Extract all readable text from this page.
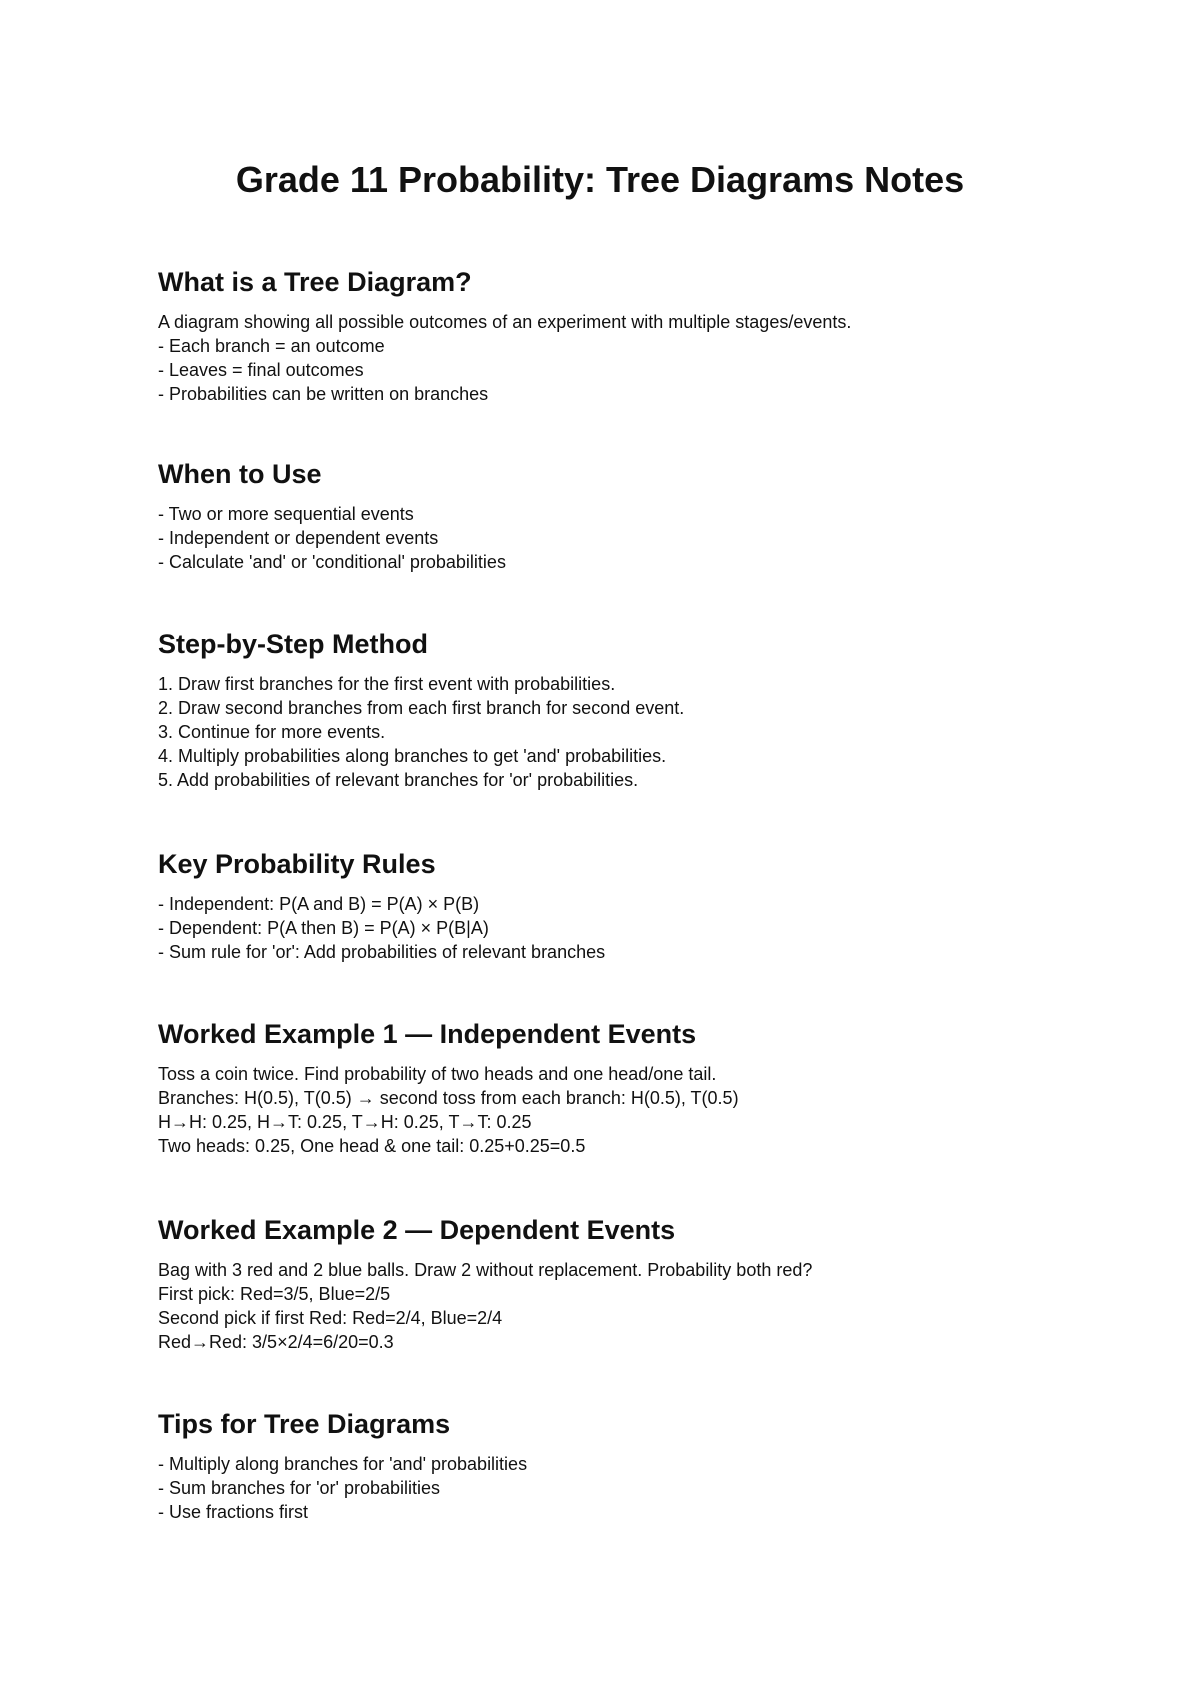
Grade 11 Probability: Tree Diagrams Notes
What is a Tree Diagram?
A diagram showing all possible outcomes of an experiment with multiple stages/events.
- Each branch = an outcome
- Leaves = final outcomes
- Probabilities can be written on branches
When to Use
- Two or more sequential events
- Independent or dependent events
- Calculate 'and' or 'conditional' probabilities
Step-by-Step Method
1. Draw first branches for the first event with probabilities.
2. Draw second branches from each first branch for second event.
3. Continue for more events.
4. Multiply probabilities along branches to get 'and' probabilities.
5. Add probabilities of relevant branches for 'or' probabilities.
Key Probability Rules
- Independent: P(A and B) = P(A) × P(B)
- Dependent: P(A then B) = P(A) × P(B|A)
- Sum rule for 'or': Add probabilities of relevant branches
Worked Example 1 — Independent Events
Toss a coin twice. Find probability of two heads and one head/one tail.
Branches: H(0.5), T(0.5) → second toss from each branch: H(0.5), T(0.5)
H→H: 0.25, H→T: 0.25, T→H: 0.25, T→T: 0.25
Two heads: 0.25, One head & one tail: 0.25+0.25=0.5
Worked Example 2 — Dependent Events
Bag with 3 red and 2 blue balls. Draw 2 without replacement. Probability both red?
First pick: Red=3/5, Blue=2/5
Second pick if first Red: Red=2/4, Blue=2/4
Red→Red: 3/5×2/4=6/20=0.3
Tips for Tree Diagrams
- Multiply along branches for 'and' probabilities
- Sum branches for 'or' probabilities
- Use fractions first
